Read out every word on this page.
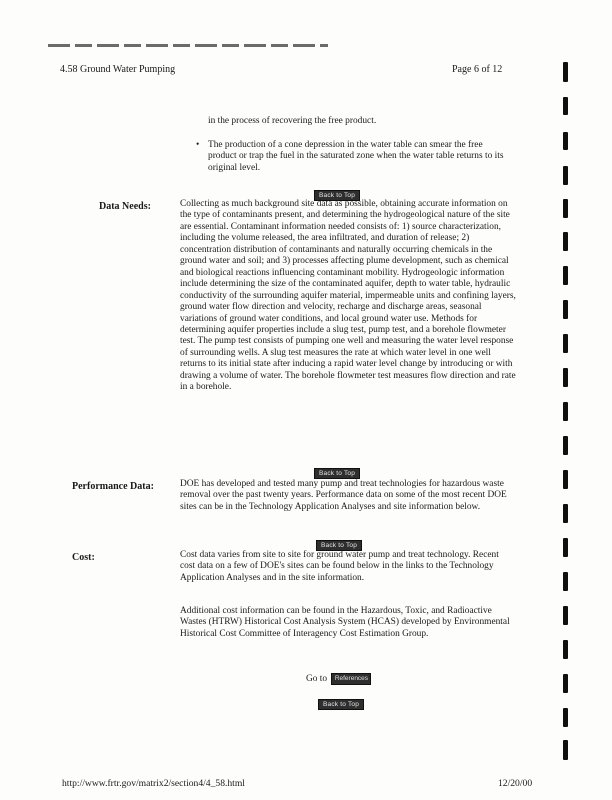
4.58 Ground Water Pumping	Page 6 of 12
in the process of recovering the free product.
• The production of a cone depression in the water table can smear the free product or trap the fuel in the saturated zone when the water table returns to its original level.
Back to Top
Data Needs:	Collecting as much background site data as possible, obtaining accurate information on the type of contaminants present, and determining the hydrogeological nature of the site are essential. Contaminant information needed consists of: 1) source characterization, including the volume released, the area infiltrated, and duration of release; 2) concentration distribution of contaminants and naturally occurring chemicals in the ground water and soil; and 3) processes affecting plume development, such as chemical and biological reactions influencing contaminant mobility. Hydrogeologic information include determining the size of the contaminated aquifer, depth to water table, hydraulic conductivity of the surrounding aquifer material, impermeable units and confining layers, ground water flow direction and velocity, recharge and discharge areas, seasonal variations of ground water conditions, and local ground water use. Methods for determining aquifer properties include a slug test, pump test, and a borehole flowmeter test. The pump test consists of pumping one well and measuring the water level response of surrounding wells. A slug test measures the rate at which water level in one well returns to its initial state after inducing a rapid water level change by introducing or with drawing a volume of water. The borehole flowmeter test measures flow direction and rate in a borehole.
Back to Top
Performance Data:	DOE has developed and tested many pump and treat technologies for hazardous waste removal over the past twenty years. Performance data on some of the most recent DOE sites can be in the Technology Application Analyses and site information below.
Back to Top
Cost:	Cost data varies from site to site for ground water pump and treat technology. Recent cost data on a few of DOE's sites can be found below in the links to the Technology Application Analyses and in the site information.
Additional cost information can be found in the Hazardous, Toxic, and Radioactive Wastes (HTRW) Historical Cost Analysis System (HCAS) developed by Environmental Historical Cost Committee of Interagency Cost Estimation Group.
Go to References
Back to Top
http://www.frtr.gov/matrix2/section4/4_58.html	12/20/00
